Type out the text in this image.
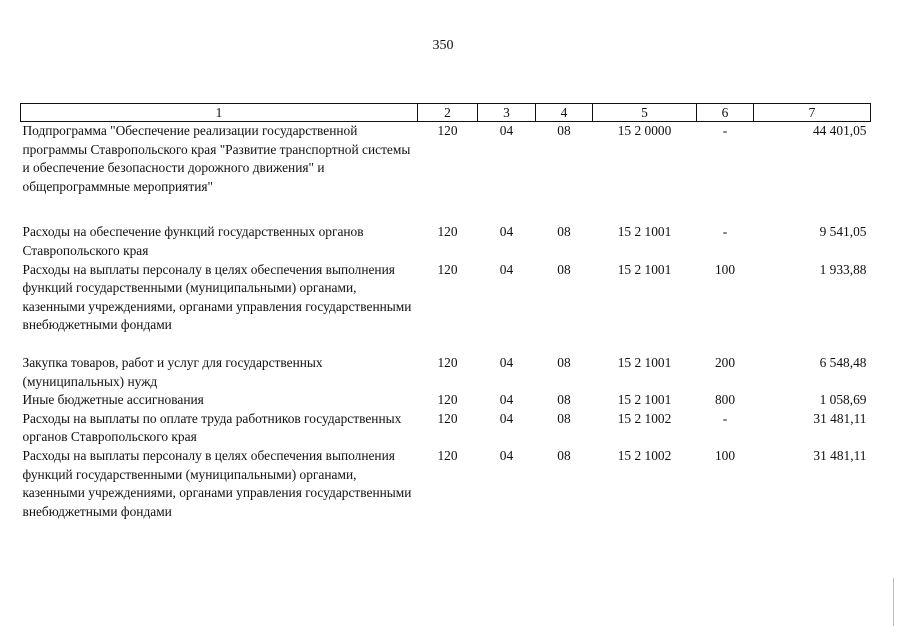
350
1	2	3	4	5	6	7
Подпрограмма "Обеспечение реализации государственной программы Ставропольского края "Развитие транспортной системы и обеспечение безопасности дорожного движения" и общепрограммные мероприятия"	120	04	08	15 2 0000	-	44 401,05
Расходы на обеспечение функций государственных органов Ставропольского края	120	04	08	15 2 1001	-	9 541,05
Расходы на выплаты персоналу в целях обеспечения выполнения функций государственными (муниципальными) органами, казенными учреждениями, органами управления государственными внебюджетными фондами	120	04	08	15 2 1001	100	1 933,88
Закупка товаров, работ и услуг для государственных (муниципальных) нужд	120	04	08	15 2 1001	200	6 548,48
Иные бюджетные ассигнования	120	04	08	15 2 1001	800	1 058,69
Расходы на выплаты по оплате труда работников государственных органов Ставропольского края	120	04	08	15 2 1002	-	31 481,11
Расходы на выплаты персоналу в целях обеспечения выполнения функций государственными (муниципальными) органами, казенными учреждениями, органами управления государственными внебюджетными фондами	120	04	08	15 2 1002	100	31 481,11
